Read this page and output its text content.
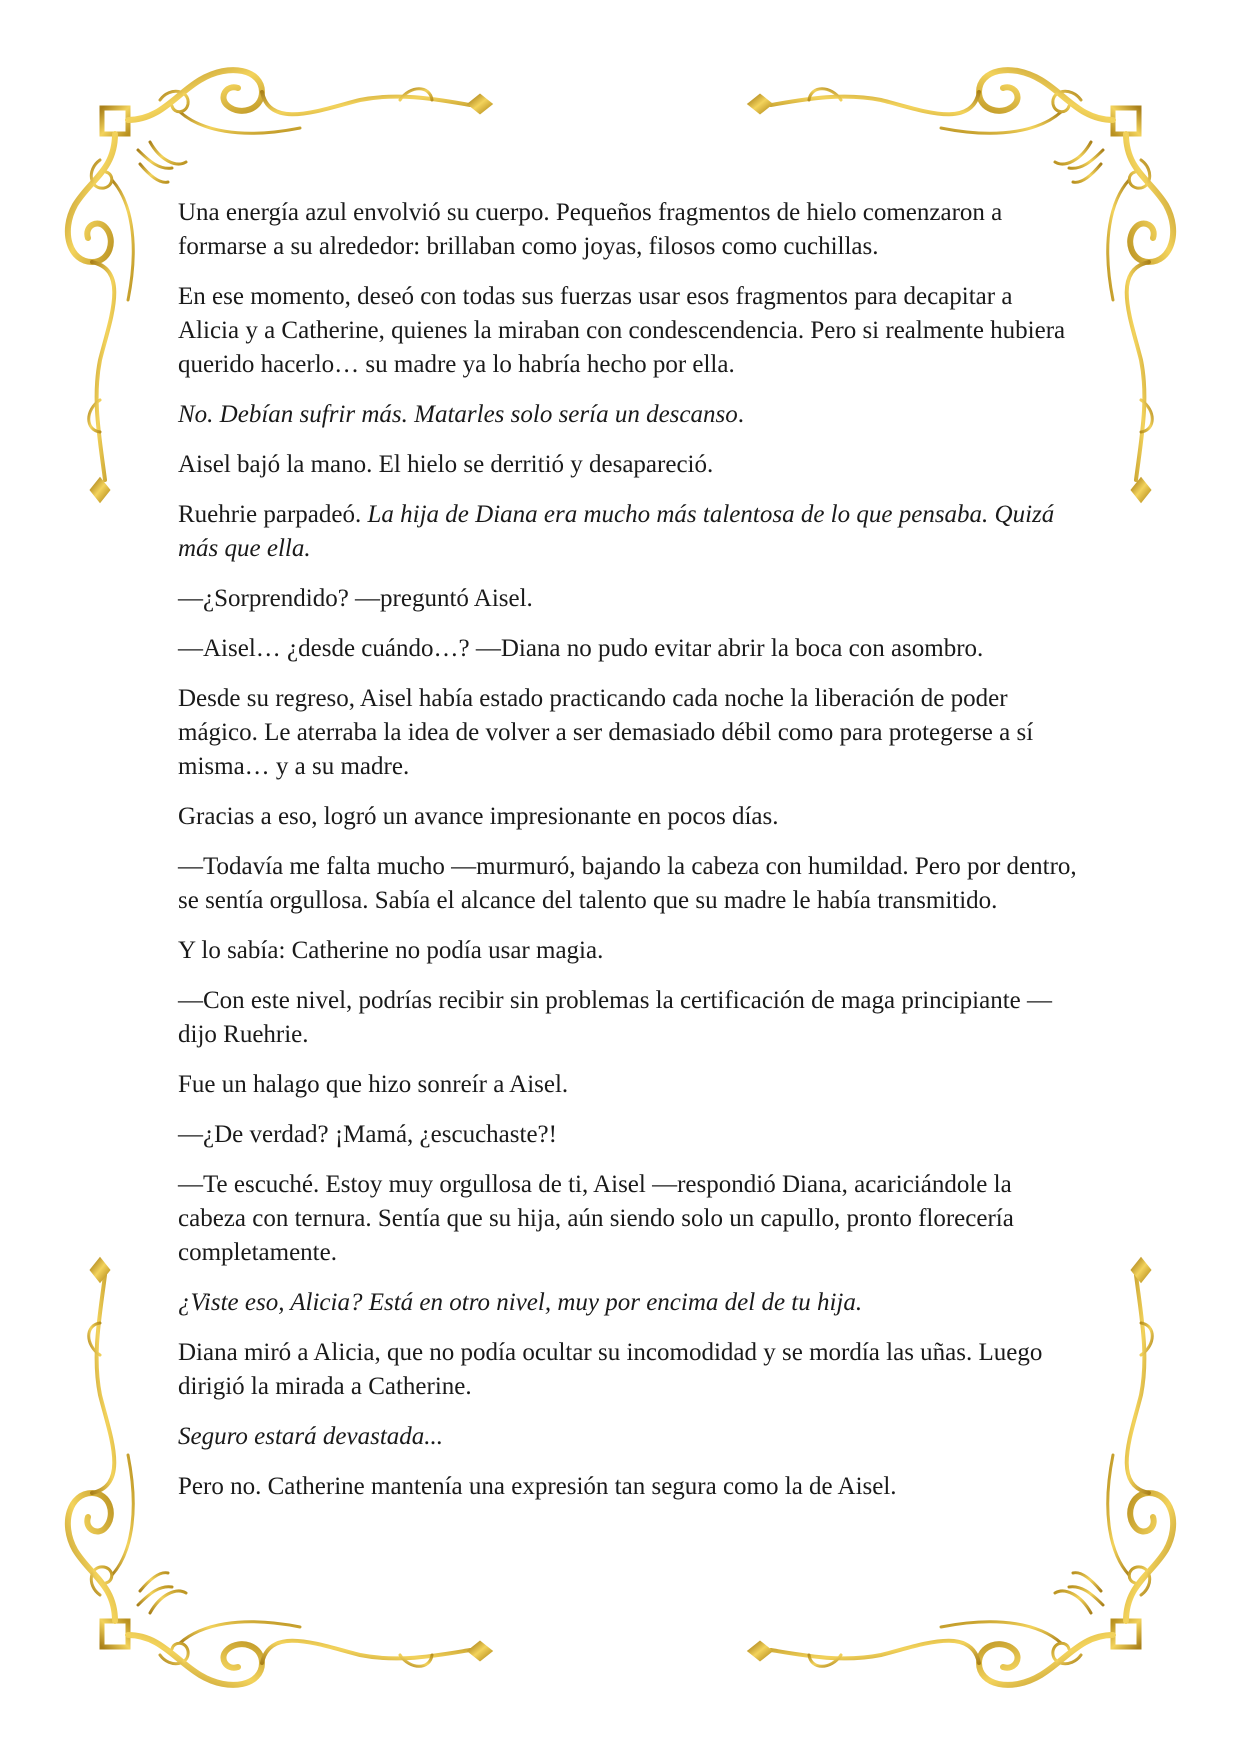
Una energía azul envolvió su cuerpo. Pequeños fragmentos de hielo comenzaron a formarse a su alrededor: brillaban como joyas, filosos como cuchillas.

En ese momento, deseó con todas sus fuerzas usar esos fragmentos para decapitar a Alicia y a Catherine, quienes la miraban con condescendencia. Pero si realmente hubiera querido hacerlo… su madre ya lo habría hecho por ella.

No. Debían sufrir más. Matarles solo sería un descanso.

Aisel bajó la mano. El hielo se derritió y desapareció.

Ruehrie parpadeó. La hija de Diana era mucho más talentosa de lo que pensaba. Quizá más que ella.

—¿Sorprendido? —preguntó Aisel.

—Aisel… ¿desde cuándo…? —Diana no pudo evitar abrir la boca con asombro.

Desde su regreso, Aisel había estado practicando cada noche la liberación de poder mágico. Le aterraba la idea de volver a ser demasiado débil como para protegerse a sí misma… y a su madre.

Gracias a eso, logró un avance impresionante en pocos días.

—Todavía me falta mucho —murmuró, bajando la cabeza con humildad. Pero por dentro, se sentía orgullosa. Sabía el alcance del talento que su madre le había transmitido.

Y lo sabía: Catherine no podía usar magia.

—Con este nivel, podrías recibir sin problemas la certificación de maga principiante —dijo Ruehrie.

Fue un halago que hizo sonreír a Aisel.

—¿De verdad? ¡Mamá, ¿escuchaste?!

—Te escuché. Estoy muy orgullosa de ti, Aisel —respondió Diana, acariciándole la cabeza con ternura. Sentía que su hija, aún siendo solo un capullo, pronto florecería completamente.

¿Viste eso, Alicia? Está en otro nivel, muy por encima del de tu hija.

Diana miró a Alicia, que no podía ocultar su incomodidad y se mordía las uñas. Luego dirigió la mirada a Catherine.

Seguro estará devastada...

Pero no. Catherine mantenía una expresión tan segura como la de Aisel.
